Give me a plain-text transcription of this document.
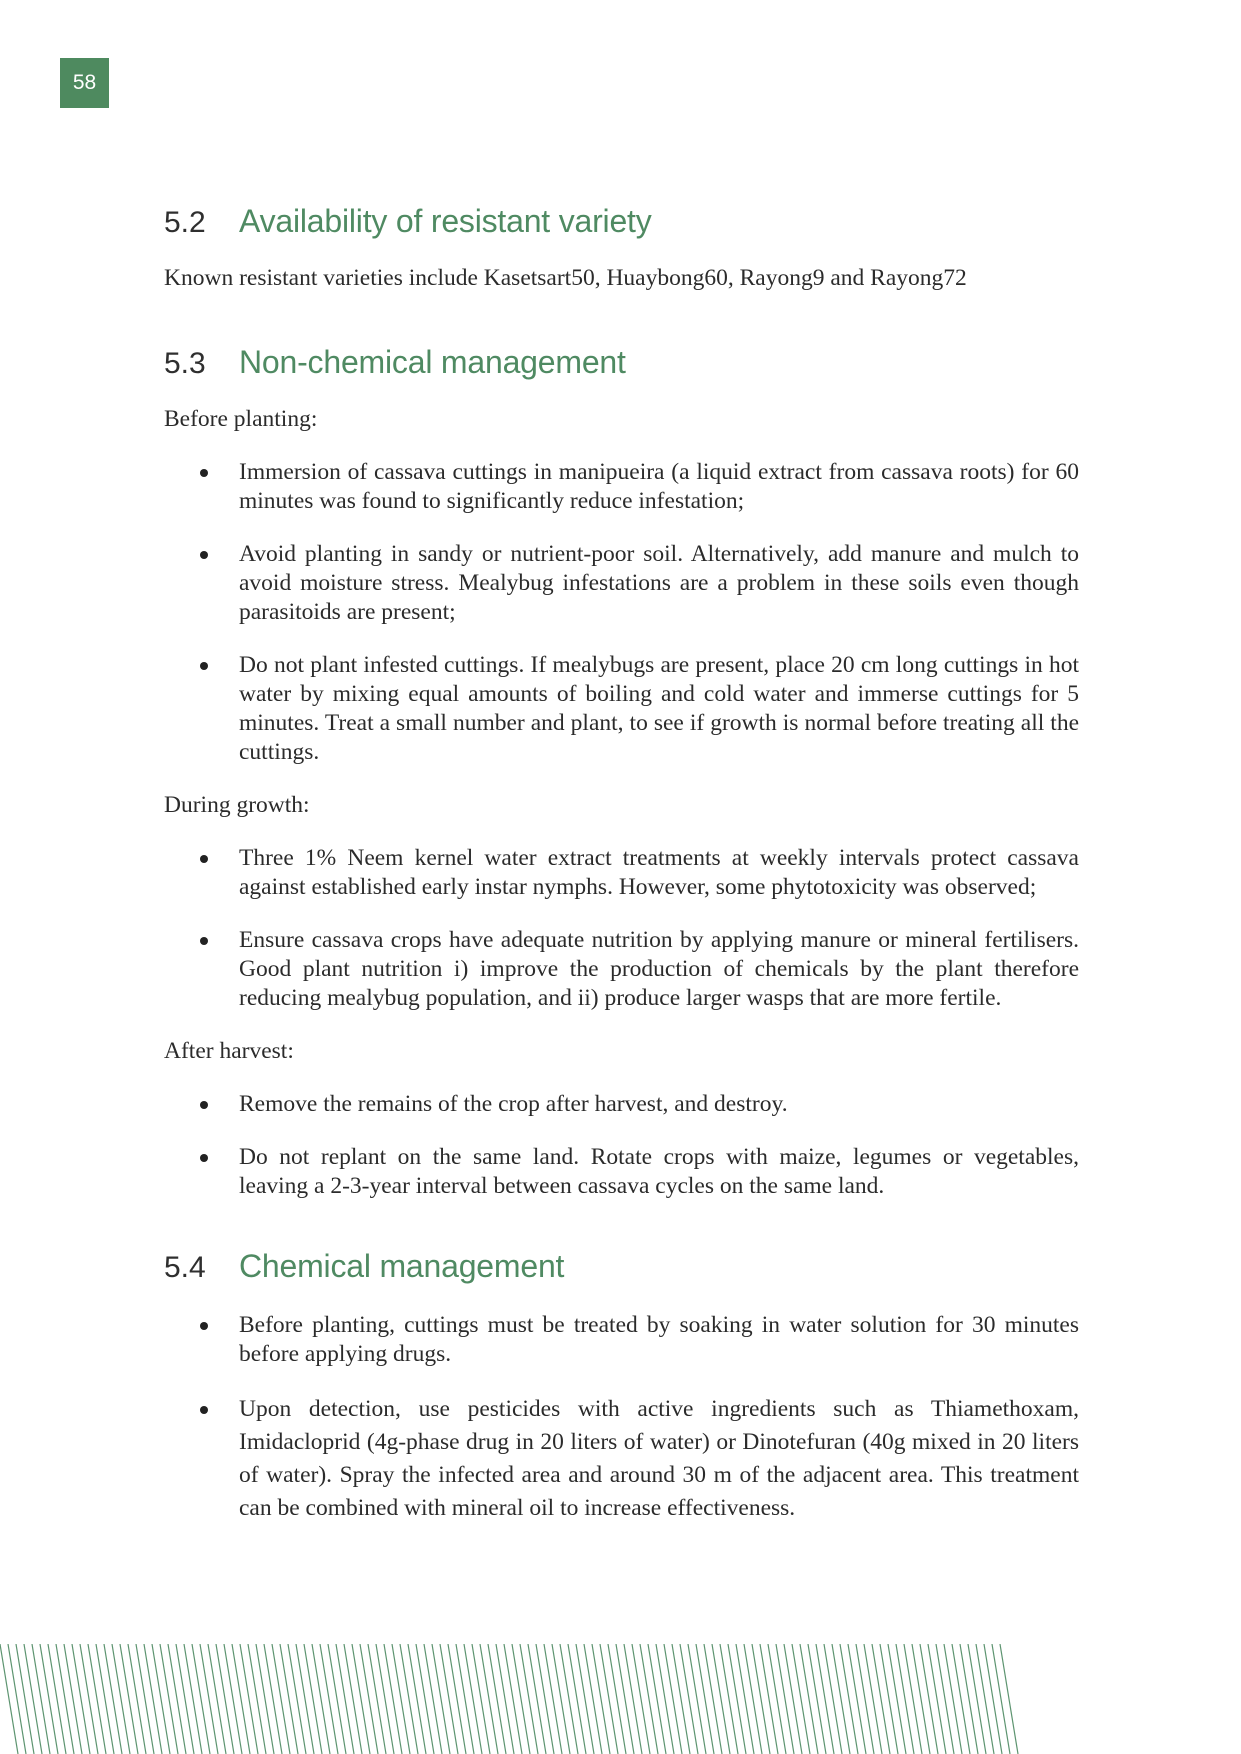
58
5.2	Availability of resistant variety

Known resistant varieties include Kasetsart50, Huaybong60, Rayong9 and Rayong72

5.3	Non-chemical management

Before planting:

Immersion of cassava cuttings in manipueira (a liquid extract from cassava roots) for 60 minutes was found to significantly reduce infestation;
Avoid planting in sandy or nutrient-poor soil. Alternatively, add manure and mulch to avoid moisture stress. Mealybug infestations are a problem in these soils even though parasitoids are present;
Do not plant infested cuttings. If mealybugs are present, place 20 cm long cuttings in hot water by mixing equal amounts of boiling and cold water and immerse cuttings for 5 minutes. Treat a small number and plant, to see if growth is normal before treating all the cuttings.

During growth:

Three 1% Neem kernel water extract treatments at weekly intervals protect cassava against established early instar nymphs. However, some phytotoxicity was observed;
Ensure cassava crops have adequate nutrition by applying manure or mineral fertilisers. Good plant nutrition i) improve the production of chemicals by the plant therefore reducing mealybug population, and ii) produce larger wasps that are more fertile.

After harvest:

Remove the remains of the crop after harvest, and destroy.
Do not replant on the same land. Rotate crops with maize, legumes or vegetables, leaving a 2-3-year interval between cassava cycles on the same land.
5.4	Chemical management
Before planting, cuttings must be treated by soaking in water solution for 30 minutes before applying drugs.
Upon detection, use pesticides with active ingredients such as Thiamethoxam, Imidacloprid (4g-phase drug in 20 liters of water) or Dinotefuran (40g mixed in 20 liters of water). Spray the infected area and around 30 m of the adjacent area. This treatment can be combined with mineral oil to increase effectiveness.
